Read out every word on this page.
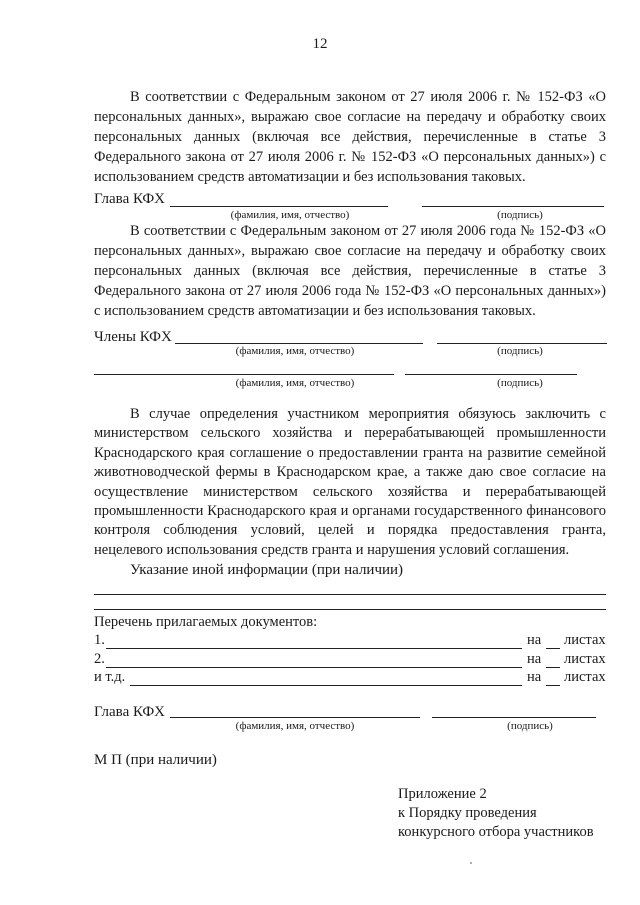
12
В соответствии с Федеральным законом от 27 июля 2006 г. № 152-ФЗ «О персональных данных», выражаю свое согласие на передачу и обработку своих персональных данных (включая все действия, перечисленные в статье 3 Федерального закона от 27 июля 2006 г. № 152-ФЗ «О персональных данных») с использованием средств автоматизации и без использования таковых.
Глава КФХ
(фамилия, имя, отчество)	(подпись)
В соответствии с Федеральным законом от 27 июля 2006 года № 152-ФЗ «О персональных данных», выражаю свое согласие на передачу и обработку своих персональных данных (включая все действия, перечисленные в статье 3 Федерального закона от 27 июля 2006 года № 152-ФЗ «О персональных данных») с использованием средств автоматизации и без использования таковых.
Члены КФХ
(фамилия, имя, отчество)	(подпись)
(фамилия, имя, отчество)	(подпись)
В случае определения участником мероприятия обязуюсь заключить с министерством сельского хозяйства и перерабатывающей промышленности Краснодарского края соглашение о предоставлении гранта на развитие семейной животноводческой фермы в Краснодарском крае, а также даю свое согласие на осуществление министерством сельского хозяйства и перерабатывающей промышленности Краснодарского края и органами государственного финансового контроля соблюдения условий, целей и порядка предоставления гранта, нецелевого использования средств гранта и нарушения условий соглашения.
Указание иной информации (при наличии)
Перечень прилагаемых документов:
1.	на листах
2.	на листах
и т.д.	на листах
Глава КФХ
(фамилия, имя, отчество)	(подпись)
М П (при наличии)
Приложение 2
к Порядку проведения
конкурсного отбора участников
